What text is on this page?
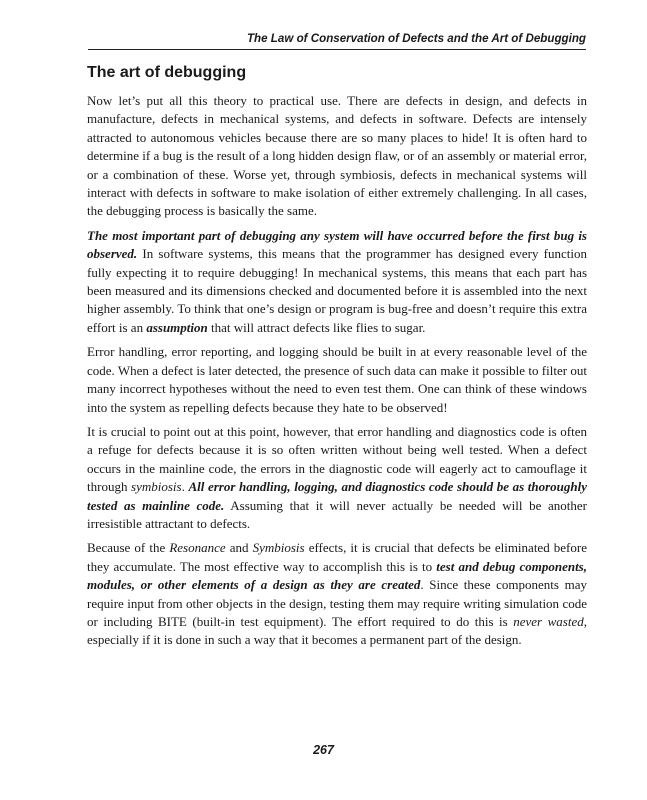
The Law of Conservation of Defects and the Art of Debugging
The art of debugging

Now let’s put all this theory to practical use. There are defects in design, and defects in manufacture, defects in mechanical systems, and defects in software. Defects are intensely attracted to autonomous vehicles because there are so many places to hide! It is often hard to determine if a bug is the result of a long hidden design flaw, or of an assembly or material error, or a combination of these. Worse yet, through symbiosis, defects in mechanical systems will interact with defects in software to make isolation of either extremely challenging. In all cases, the debugging process is basically the same.

The most important part of debugging any system will have occurred before the first bug is observed. In software systems, this means that the programmer has designed every function fully expecting it to require debugging! In mechanical systems, this means that each part has been measured and its dimensions checked and documented before it is assembled into the next higher assembly. To think that one’s design or program is bug-free and doesn’t require this extra effort is an assumption that will attract defects like flies to sugar.

Error handling, error reporting, and logging should be built in at every reasonable level of the code. When a defect is later detected, the presence of such data can make it possible to filter out many incorrect hypotheses without the need to even test them. One can think of these windows into the system as repelling defects because they hate to be observed!

It is crucial to point out at this point, however, that error handling and diagnostics code is often a refuge for defects because it is so often written without being well tested. When a defect occurs in the mainline code, the errors in the diagnostic code will eagerly act to camouflage it through symbiosis. All error handling, logging, and diagnostics code should be as thoroughly tested as mainline code. Assuming that it will never actually be needed will be another irresistible attractant to defects.

Because of the Resonance and Symbiosis effects, it is crucial that defects be eliminated before they accumulate. The most effective way to accomplish this is to test and debug components, modules, or other elements of a design as they are created. Since these components may require input from other objects in the design, testing them may require writing simulation code or including BITE (built-in test equipment). The effort required to do this is never wasted, especially if it is done in such a way that it becomes a permanent part of the design.

267
